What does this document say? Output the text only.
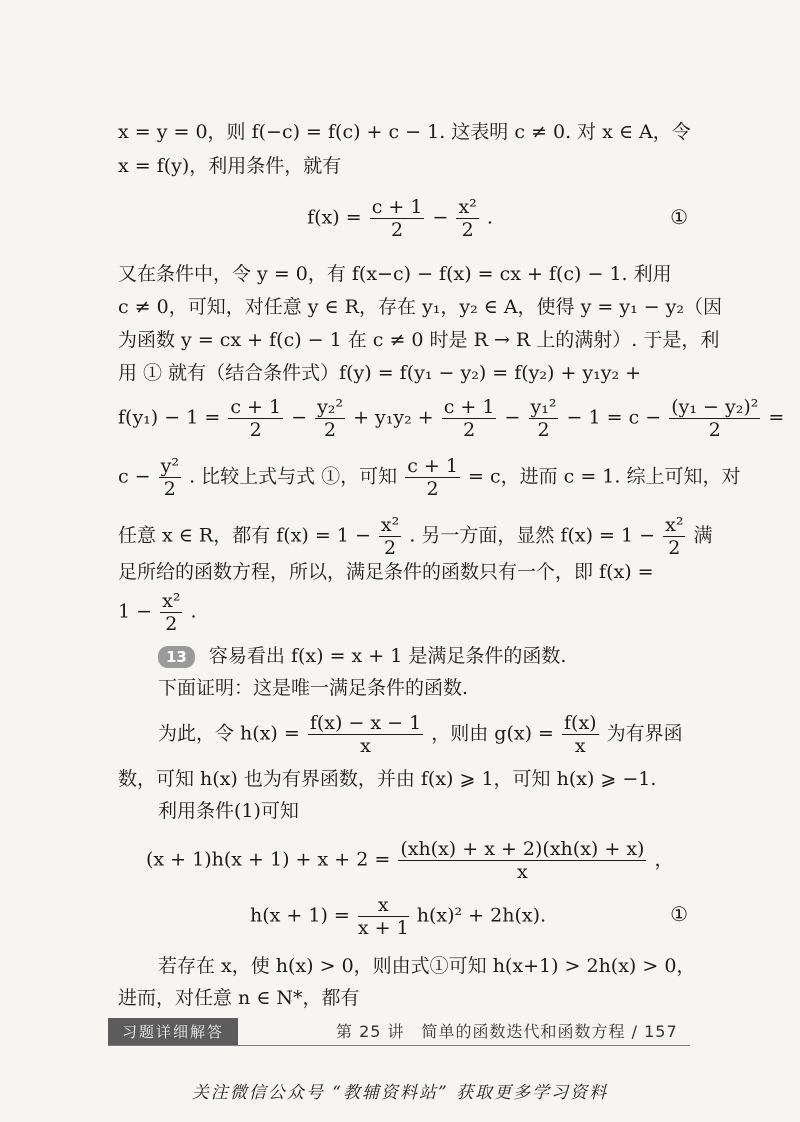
x = y = 0，则 f(−c) = f(c) + c − 1. 这表明 c ≠ 0. 对 x ∈ A，令
x = f(y)，利用条件，就有
$f(x) = \frac{c + 1}{2} - \frac{\text{x²}}{2}$ .	①
又在条件中，令 y = 0，有 f(x−c) − f(x) = cx + f(c) − 1. 利用
c ≠ 0，可知，对任意 y ∈ R，存在 y₁，y₂ ∈ A，使得 y = y₁ − y₂（因
为函数 y = cx + f(c) − 1 在 c ≠ 0 时是 R → R 上的满射）. 于是，利
用 ① 就有（结合条件式）f(y) = f(y₁ − y₂) = f(y₂) + y₁y₂ +
$f(y_1) - 1 = \frac{c + 1}{2} - \frac{\text{y₂²}}{2} + y_1y_2 + \frac{c + 1}{2} - \frac{\text{y₁²}}{2} - 1 = c - \frac{\text{(y₁ − y₂)²}}{2}$ =
$c - \frac{\text{y²}}{2}$ . 比较上式与式 ①，可知 $\frac{c + 1}{2} = c$，进而 c = 1. 综上可知，对
任意 x ∈ R，都有 $f(x) = 1 - \frac{\text{x²}}{2}$ . 另一方面，显然 $f(x) = 1 - \frac{\text{x²}}{2}$ 满
足所给的函数方程，所以，满足条件的函数只有一个，即 f(x) =
$1 - \frac{\text{x²}}{2}$ .
13 容易看出 f(x) = x + 1 是满足条件的函数.
下面证明：这是唯一满足条件的函数.
为此，令 $h(x) = \frac{f(x) - x - 1}{x}$ ，则由 $g(x) = \frac{f(x)}{x}$ 为有界函
数，可知 h(x) 也为有界函数，并由 f(x) ⩾ 1，可知 h(x) ⩾ −1.
利用条件(1)可知
$(x + 1)h(x + 1) + x + 2 = \frac{(xh(x) + x + 2)(xh(x) + x)}{x}$ ，
$h(x + 1) = \frac{x}{x + 1} h(x)^2 + 2h(x)$.	①
若存在 x，使 h(x) > 0，则由式①可知 h(x+1) > 2h(x) > 0，
进而，对任意 n ∈ N*，都有
习题详细解答	第 25 讲　简单的函数迭代和函数方程 / 157
关注微信公众号 “教辅资料站” 获取更多学习资料
